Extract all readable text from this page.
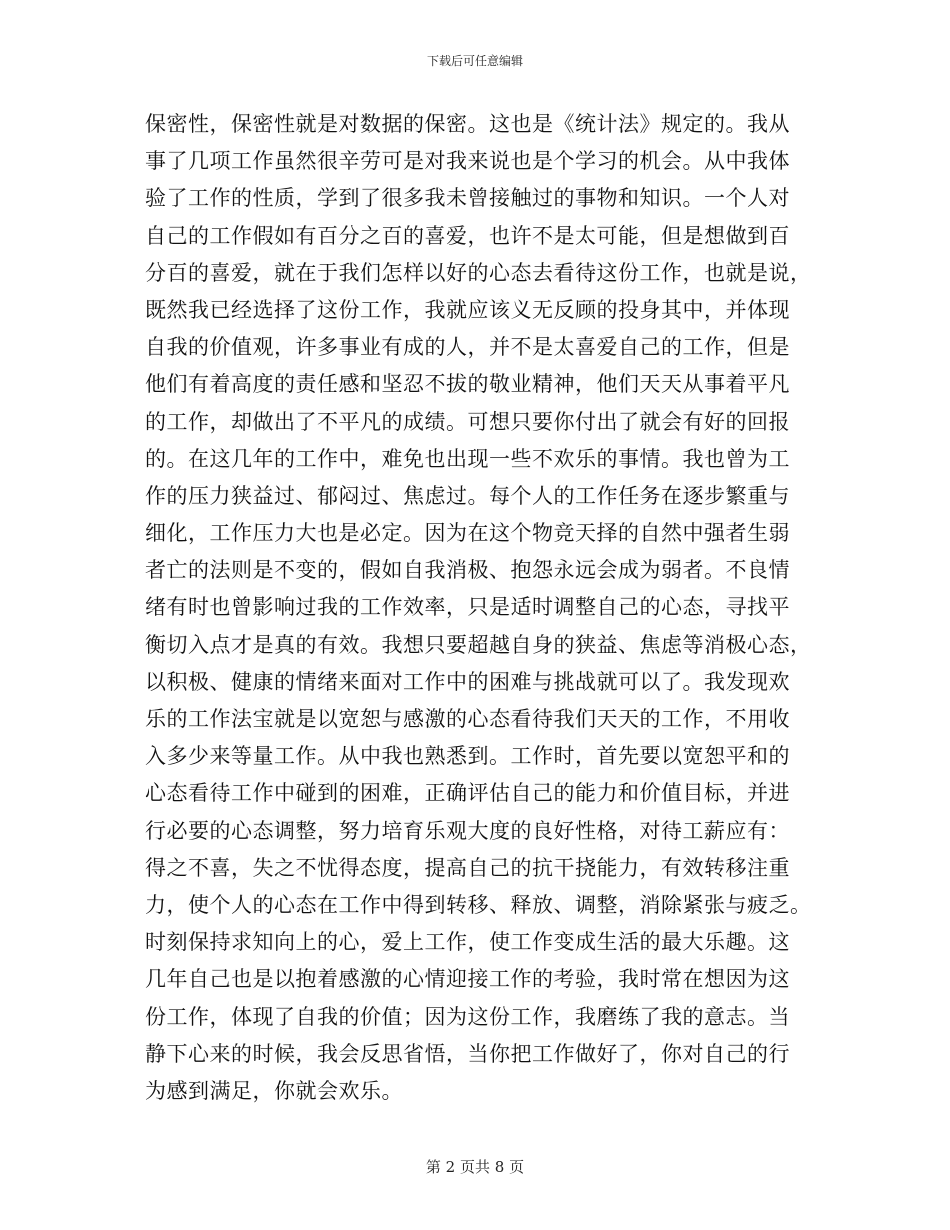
下载后可任意编辑
保密性，保密性就是对数据的保密。这也是《统计法》规定的。我从
事了几项工作虽然很辛劳可是对我来说也是个学习的机会。从中我体
验了工作的性质，学到了很多我未曾接触过的事物和知识。一个人对
自己的工作假如有百分之百的喜爱，也许不是太可能，但是想做到百
分百的喜爱，就在于我们怎样以好的心态去看待这份工作，也就是说，
既然我已经选择了这份工作，我就应该义无反顾的投身其中，并体现
自我的价值观，许多事业有成的人，并不是太喜爱自己的工作，但是
他们有着高度的责任感和坚忍不拔的敬业精神，他们天天从事着平凡
的工作，却做出了不平凡的成绩。可想只要你付出了就会有好的回报
的。在这几年的工作中，难免也出现一些不欢乐的事情。我也曾为工
作的压力狭益过、郁闷过、焦虑过。每个人的工作任务在逐步繁重与
细化，工作压力大也是必定。因为在这个物竞天择的自然中强者生弱
者亡的法则是不变的，假如自我消极、抱怨永远会成为弱者。不良情
绪有时也曾影响过我的工作效率，只是适时调整自己的心态，寻找平
衡切入点才是真的有效。我想只要超越自身的狭益、焦虑等消极心态，
以积极、健康的情绪来面对工作中的困难与挑战就可以了。我发现欢
乐的工作法宝就是以宽恕与感激的心态看待我们天天的工作，不用收
入多少来等量工作。从中我也熟悉到。工作时，首先要以宽恕平和的
心态看待工作中碰到的困难，正确评估自己的能力和价值目标，并进
行必要的心态调整，努力培育乐观大度的良好性格，对待工薪应有：
得之不喜，失之不忧得态度，提高自己的抗干挠能力，有效转移注重
力，使个人的心态在工作中得到转移、释放、调整，消除紧张与疲乏。
时刻保持求知向上的心，爱上工作，使工作变成生活的最大乐趣。这
几年自己也是以抱着感激的心情迎接工作的考验，我时常在想因为这
份工作，体现了自我的价值；因为这份工作，我磨练了我的意志。当
静下心来的时候，我会反思省悟，当你把工作做好了，你对自己的行
为感到满足，你就会欢乐。
第 2 页共 8 页
